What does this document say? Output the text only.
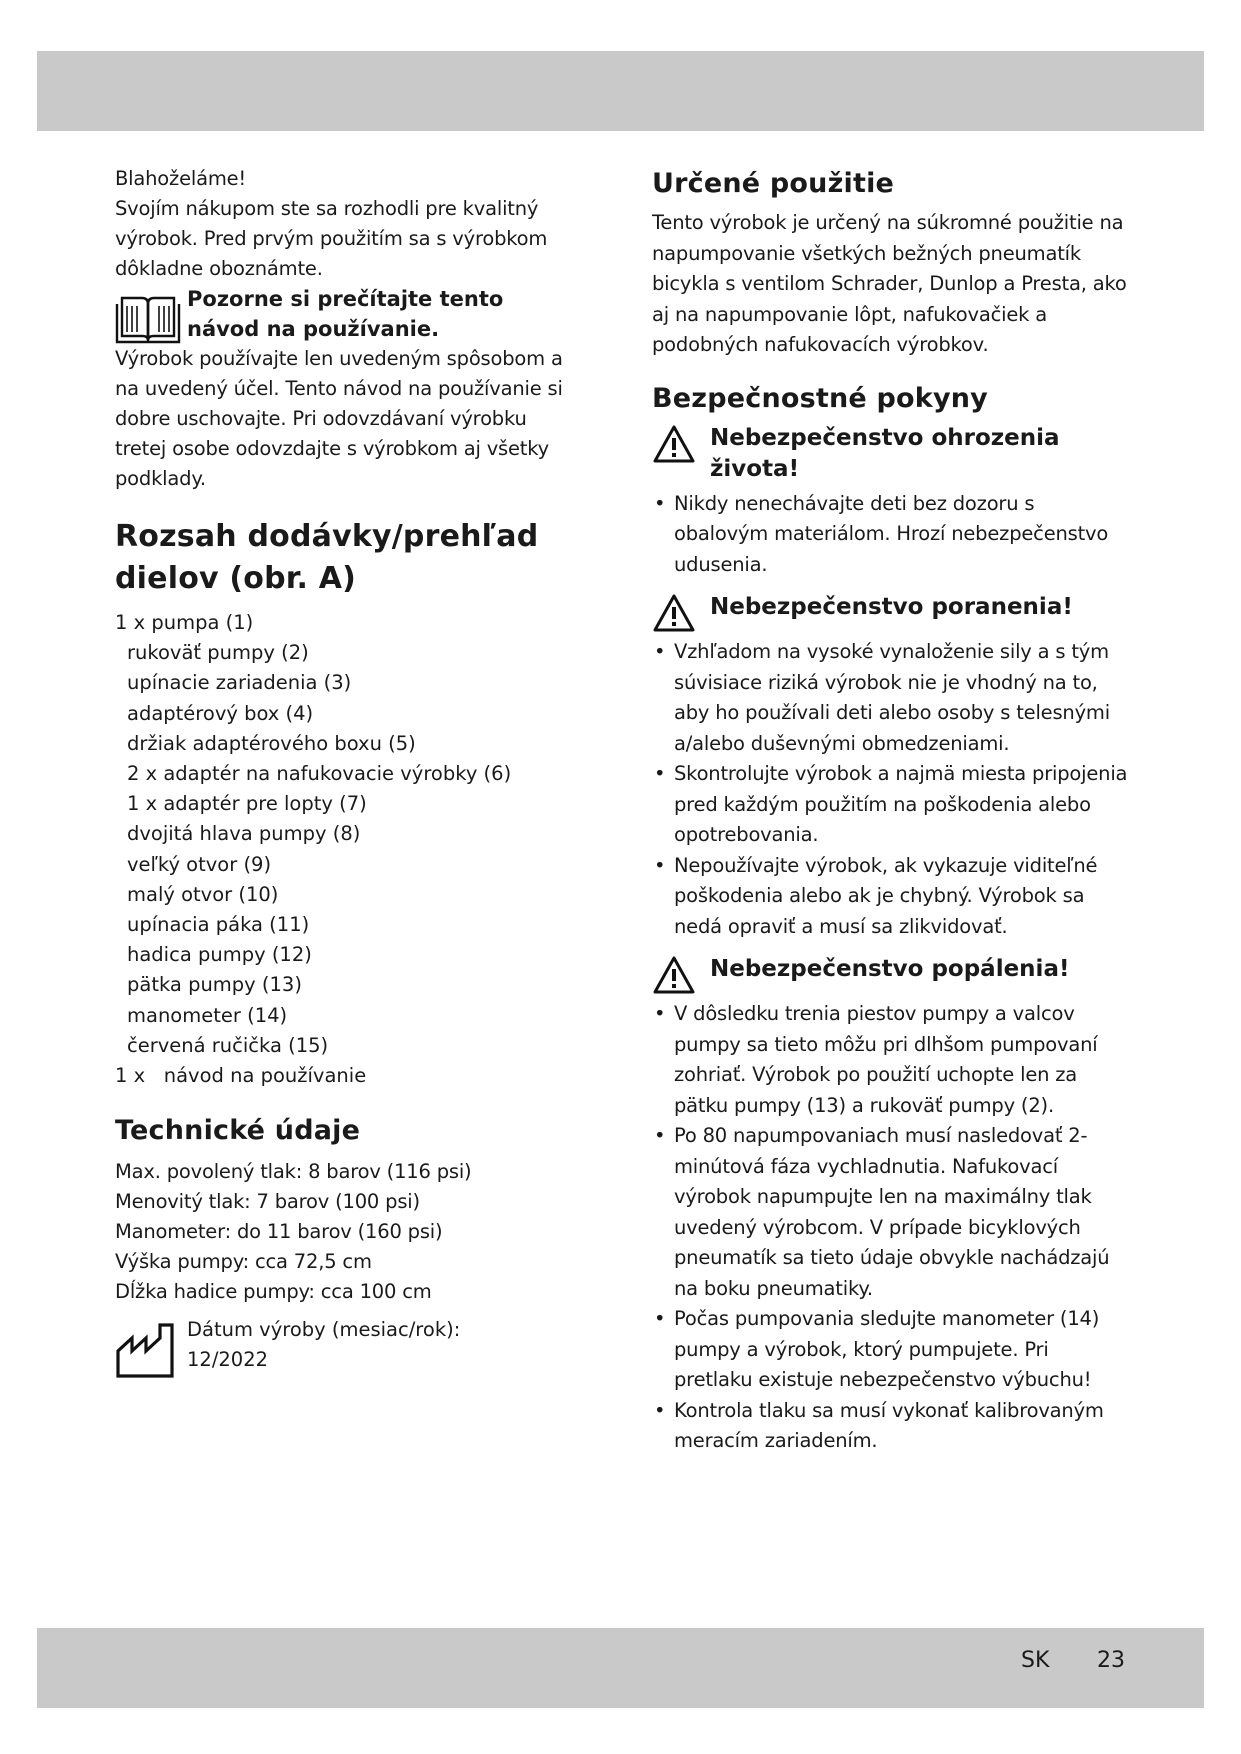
SK 23

Blahoželáme!

Svojím nákupom ste sa rozhodli pre kvalitný výrobok. Pred prvým použitím sa s výrobkom dôkladne oboznámte.

Pozorne si prečítajte tento návod na používanie.

Výrobok používajte len uvedeným spôsobom a na uvedený účel. Tento návod na používanie si dobre uschovajte. Pri odovzdávaní výrobku tretej osobe odovzdajte s výrobkom aj všetky podklady.

Rozsah dodávky/prehľad dielov (obr. A)
1 x pumpa (1)
rukoväť pumpy (2)
upínacie zariadenia (3)
adaptérový box (4)
držiak adaptérového boxu (5)
2 x adaptér na nafukovacie výrobky (6)
1 x adaptér pre lopty (7)
dvojitá hlava pumpy (8)
veľký otvor (9)
malý otvor (10)
upínacia páka (11)
hadica pumpy (12)
pätka pumpy (13)
manometer (14)
červená ručička (15)
1 x   návod na používanie
Technické údaje
Max. povolený tlak: 8 barov (116 psi)
Menovitý tlak: 7 barov (100 psi)
Manometer: do 11 barov (160 psi)
Výška pumpy: cca 72,5 cm
Dĺžka hadice pumpy: cca 100 cm
Dátum výroby (mesiac/rok):
12/2022
Určené použitie

Tento výrobok je určený na súkromné použitie na napumpovanie všetkých bežných pneumatík bicykla s ventilom Schrader, Dunlop a Presta, ako aj na napumpovanie lôpt, nafukovačiek a podobných nafukovacích výrobkov.

Bezpečnostné pokyny

Nebezpečenstvo ohrozenia života!

• Nikdy nenechávajte deti bez dozoru s obalovým materiálom. Hrozí nebezpečenstvo udusenia.

Nebezpečenstvo poranenia!

• Vzhľadom na vysoké vynaloženie sily a s tým súvisiace riziká výrobok nie je vhodný na to, aby ho používali deti alebo osoby s telesnými a/alebo duševnými obmedzeniami.
• Skontrolujte výrobok a najmä miesta pripojenia pred každým použitím na poškodenia alebo opotrebovania.
• Nepoužívajte výrobok, ak vykazuje viditeľné poškodenia alebo ak je chybný. Výrobok sa nedá opraviť a musí sa zlikvidovať.

Nebezpečenstvo popálenia!

• V dôsledku trenia piestov pumpy a valcov pumpy sa tieto môžu pri dlhšom pumpovaní zohriať. Výrobok po použití uchopte len za pätku pumpy (13) a rukoväť pumpy (2).
• Po 80 napumpovaniach musí nasledovať 2-minútová fáza vychladnutia. Nafukovací výrobok napumpujte len na maximálny tlak uvedený výrobcom. V prípade bicyklových pneumatík sa tieto údaje obvykle nachádzajú na boku pneumatiky.
• Počas pumpovania sledujte manometer (14) pumpy a výrobok, ktorý pumpujete. Pri pretlaku existuje nebezpečenstvo výbuchu!
• Kontrola tlaku sa musí vykonať kalibrovaným meracím zariadením.
